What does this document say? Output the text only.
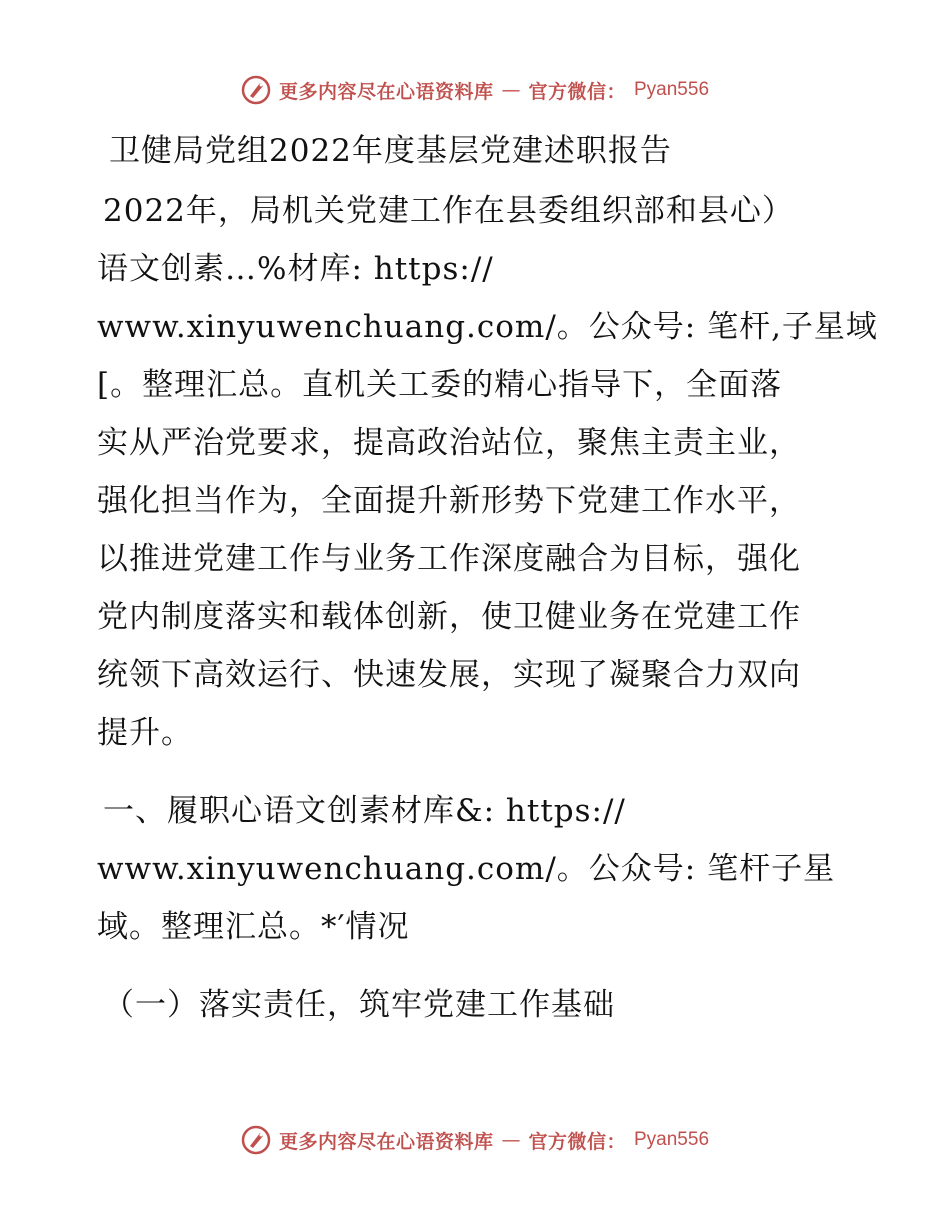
更多内容尽在心语资料库 — 官方微信： Pyan556
卫健局党组2022年度基层党建述职报告
2022年，局机关党建工作在县委组织部和县心）
语文创素…%材库: https://
www.xinyuwenchuang.com/。公众号: 笔杆,子星域
[。整理汇总。直机关工委的精心指导下，全面落
实从严治党要求，提高政治站位，聚焦主责主业，
强化担当作为，全面提升新形势下党建工作水平，
以推进党建工作与业务工作深度融合为目标，强化
党内制度落实和载体创新，使卫健业务在党建工作
统领下高效运行、快速发展，实现了凝聚合力双向
提升。
一、履职心语文创素材库&: https://
www.xinyuwenchuang.com/。公众号: 笔杆子星
域。整理汇总。*′情况
（一）落实责任，筑牢党建工作基础
更多内容尽在心语资料库 — 官方微信： Pyan556
